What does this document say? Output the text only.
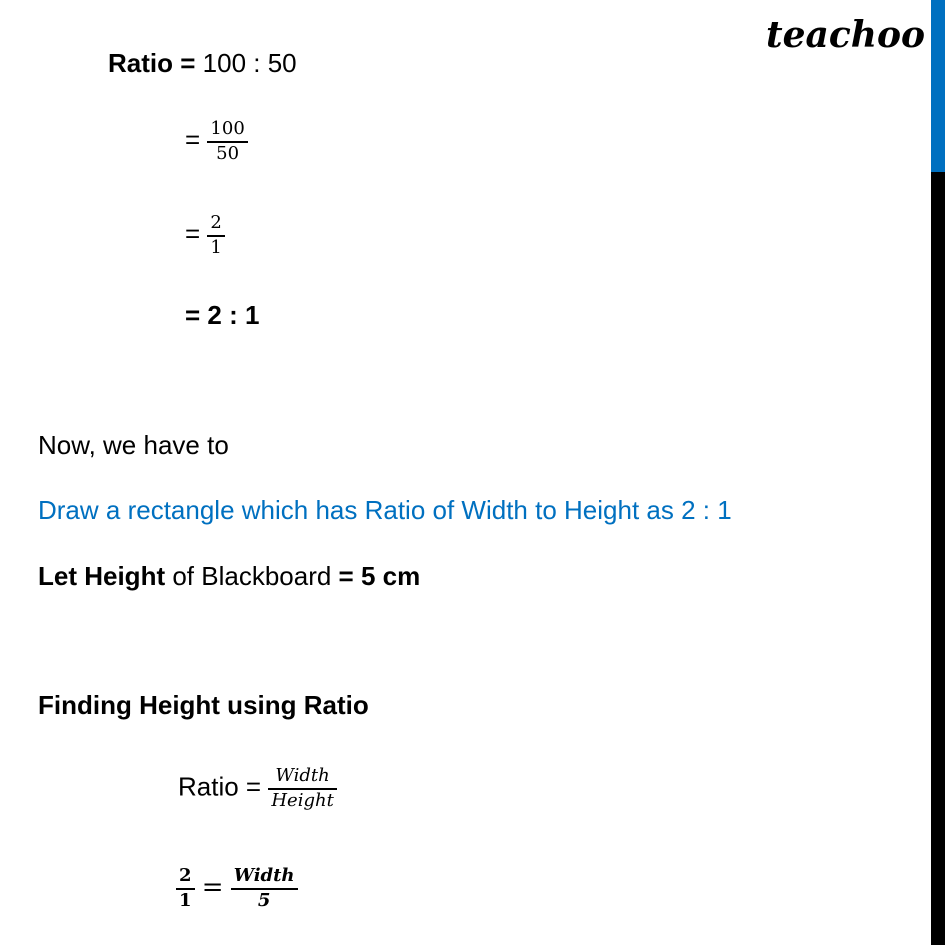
teachoo
Ratio = 100 : 50
= $\frac{100}{50}$
= $\frac{2}{1}$
= 2 : 1
Now, we have to
Draw a rectangle which has Ratio of Width to Height as 2 : 1
Let Height of Blackboard = 5 cm
Finding Height using Ratio
Ratio = $\frac{\text{Width}}{\text{Height}}$
$\frac{2}{1} = \frac{\text{Width}}{5}$
